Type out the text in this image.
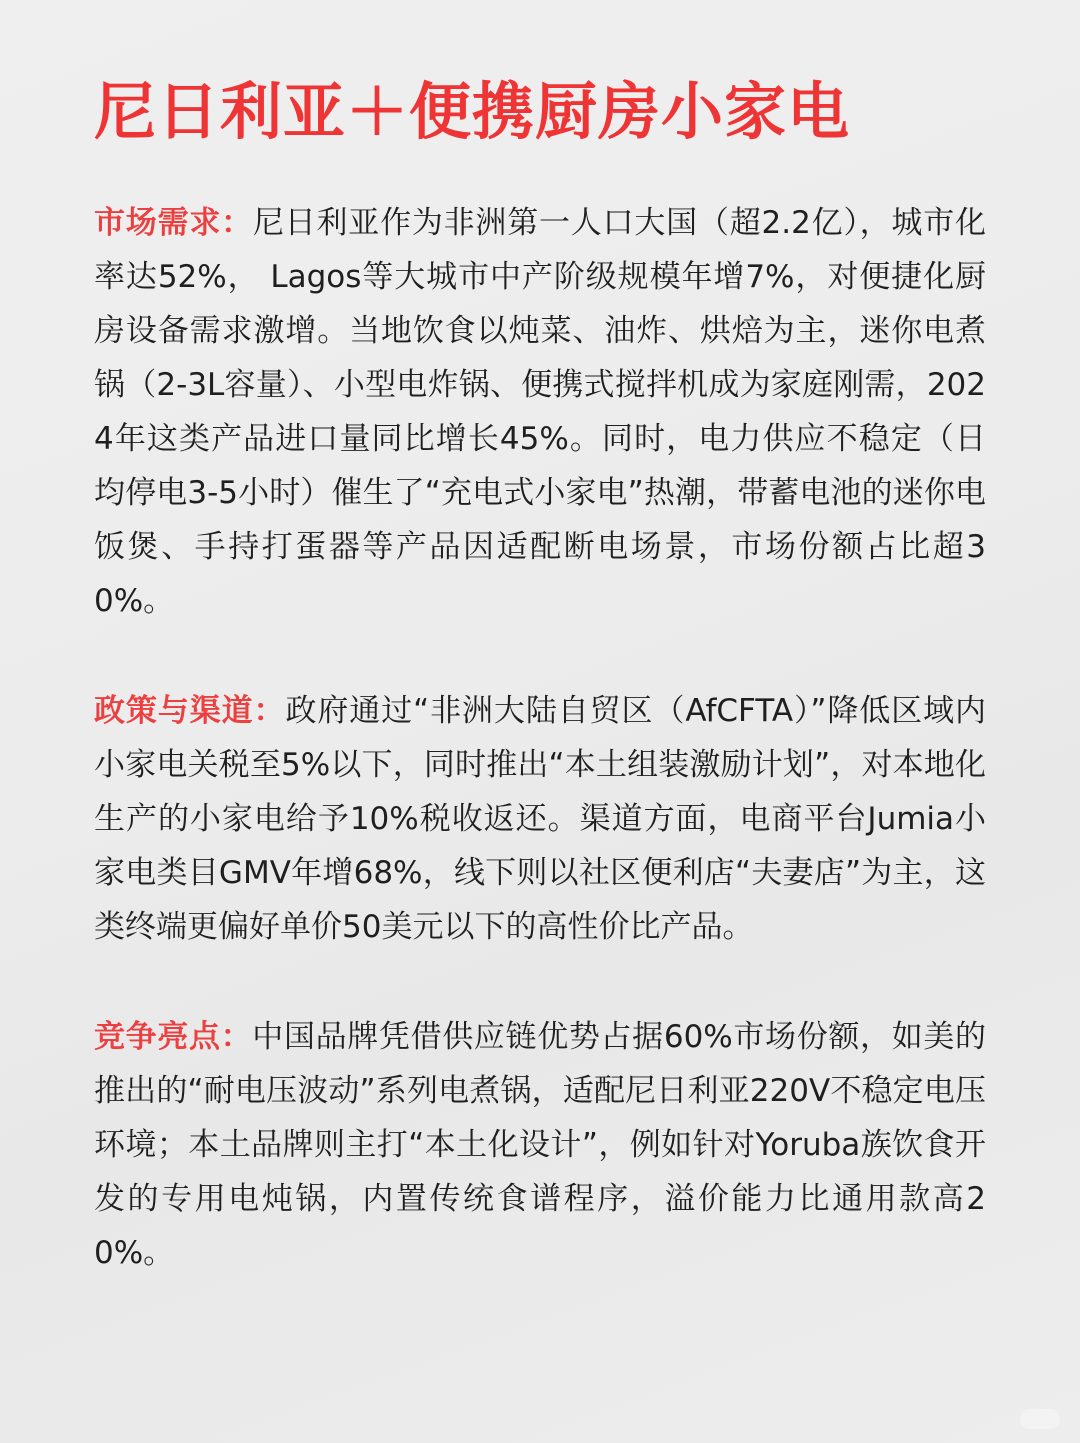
尼日利亚＋便携厨房小家电

市场需求：尼日利亚作为非洲第一人口大国（超2.2亿），城市化率达52%， Lagos等大城市中产阶级规模年增7%，对便捷化厨房设备需求激增。当地饮食以炖菜、油炸、烘焙为主，迷你电煮锅（2-3L容量）、小型电炸锅、便携式搅拌机成为家庭刚需，2024年这类产品进口量同比增长45%。同时，电力供应不稳定（日均停电3-5小时）催生了“充电式小家电”热潮，带蓄电池的迷你电饭煲、手持打蛋器等产品因适配断电场景，市场份额占比超30%。

政策与渠道：政府通过“非洲大陆自贸区（AfCFTA）”降低区域内小家电关税至5%以下，同时推出“本土组装激励计划”，对本地化生产的小家电给予10%税收返还。渠道方面，电商平台Jumia小家电类目GMV年增68%，线下则以社区便利店“夫妻店”为主，这类终端更偏好单价50美元以下的高性价比产品。

竞争亮点：中国品牌凭借供应链优势占据60%市场份额，如美的推出的“耐电压波动”系列电煮锅，适配尼日利亚220V不稳定电压环境；本土品牌则主打“本土化设计”，例如针对Yoruba族饮食开发的专用电炖锅，内置传统食谱程序，溢价能力比通用款高20%。
